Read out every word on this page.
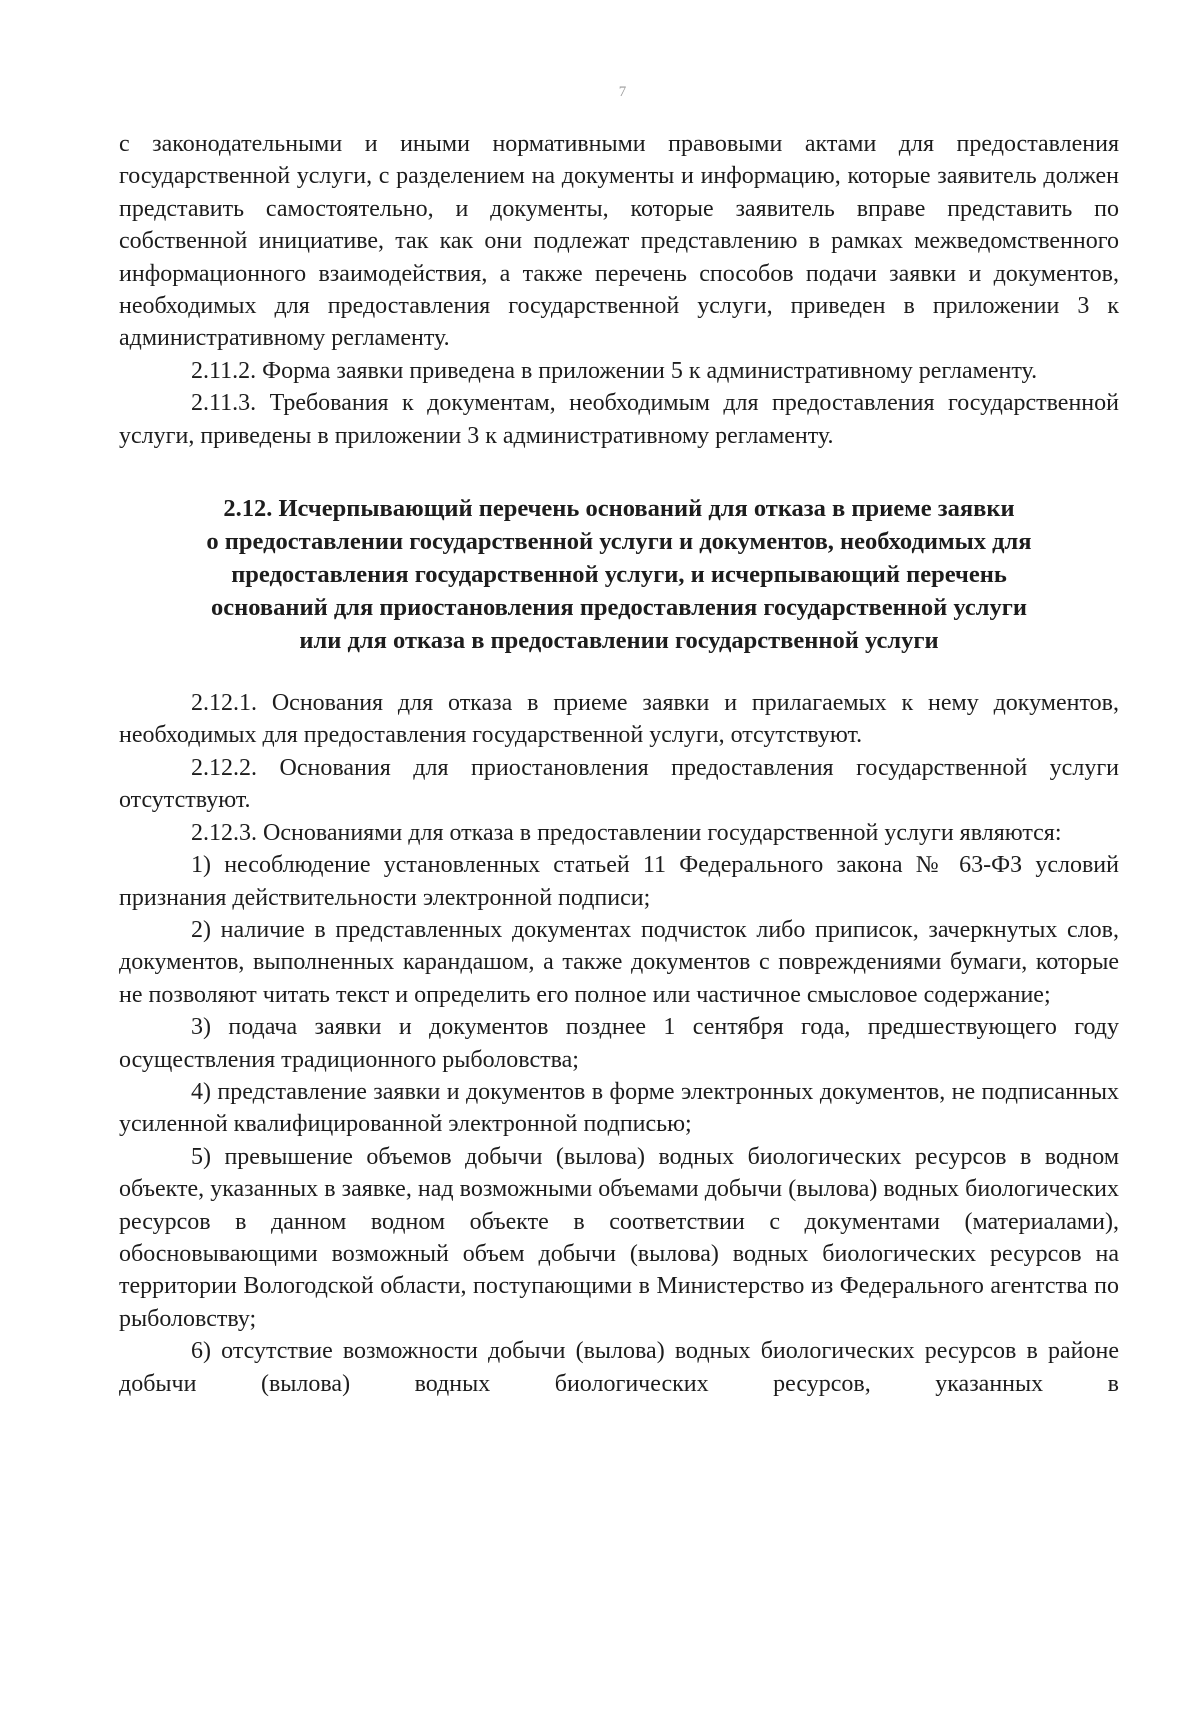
7

с законодательными и иными нормативными правовыми актами для предоставления государственной услуги, с разделением на документы и информацию, которые заявитель должен представить самостоятельно, и документы, которые заявитель вправе представить по собственной инициативе, так как они подлежат представлению в рамках межведомственного информационного взаимодействия, а также перечень способов подачи заявки и документов, необходимых для предоставления государственной услуги, приведен в приложении 3 к административному регламенту.

2.11.2. Форма заявки приведена в приложении 5 к административному регламенту.

2.11.3. Требования к документам, необходимым для предоставления государственной услуги, приведены в приложении 3 к административному регламенту.

2.12. Исчерпывающий перечень оснований для отказа в приеме заявки

о предоставлении государственной услуги и документов, необходимых для

предоставления государственной услуги, и исчерпывающий перечень

оснований для приостановления предоставления государственной услуги

или для отказа в предоставлении государственной услуги

2.12.1. Основания для отказа в приеме заявки и прилагаемых к нему документов, необходимых для предоставления государственной услуги, отсутствуют.

2.12.2. Основания для приостановления предоставления государственной услуги отсутствуют.

2.12.3. Основаниями для отказа в предоставлении государственной услуги являются:

1) несоблюдение установленных статьей 11 Федерального закона № 63-ФЗ условий признания действительности электронной подписи;

2) наличие в представленных документах подчисток либо приписок, зачеркнутых слов, документов, выполненных карандашом, а также документов с повреждениями бумаги, которые не позволяют читать текст и определить его полное или частичное смысловое содержание;

3) подача заявки и документов позднее 1 сентября года, предшествующего году осуществления традиционного рыболовства;

4) представление заявки и документов в форме электронных документов, не подписанных усиленной квалифицированной электронной подписью;

5) превышение объемов добычи (вылова) водных биологических ресурсов в водном объекте, указанных в заявке, над возможными объемами добычи (вылова) водных биологических ресурсов в данном водном объекте в соответствии с документами (материалами), обосновывающими возможный объем добычи (вылова) водных биологических ресурсов на территории Вологодской области, поступающими в Министерство из Федерального агентства по рыболовству;

6) отсутствие возможности добычи (вылова) водных биологических ресурсов в районе добычи (вылова) водных биологических ресурсов, указанных в
